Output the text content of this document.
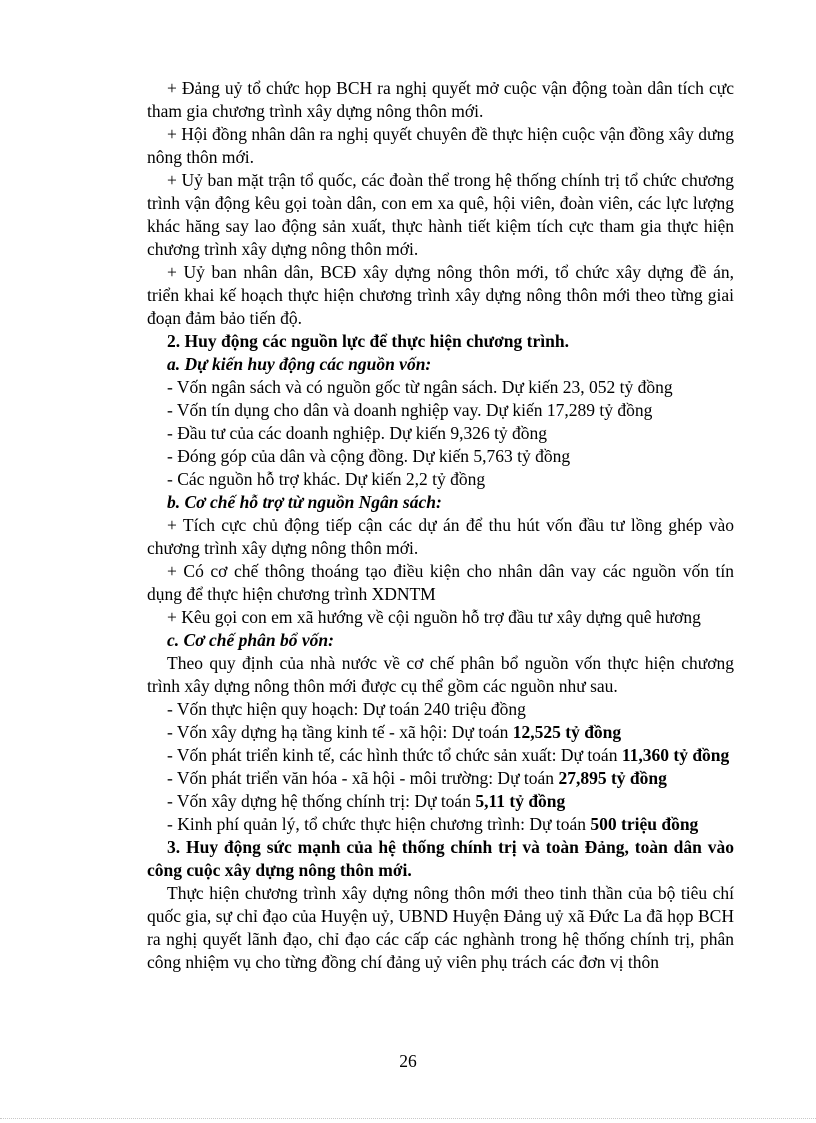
+ Đảng uỷ tổ chức họp BCH ra nghị quyết mở cuộc vận động toàn dân tích cực tham gia chương trình xây dựng nông thôn mới.

+ Hội đồng nhân dân ra nghị quyết chuyên đề thực hiện cuộc vận đồng xây dưng nông thôn mới.

+ Uỷ ban mặt trận tổ quốc, các đoàn thể trong hệ thống chính trị tổ chức chương trình vận động kêu gọi toàn dân, con em xa quê, hội viên, đoàn viên, các lực lượng khác hăng say lao động sản xuất, thực hành tiết kiệm tích cực tham gia thực hiện chương trình xây dựng nông thôn mới.

+ Uỷ ban nhân dân, BCĐ xây dựng nông thôn mới, tổ chức xây dựng đề án, triển khai kế hoạch thực hiện chương trình xây dựng nông thôn mới theo từng giai đoạn đảm bảo tiến độ.

2. Huy động các nguồn lực để thực hiện chương trình.

a. Dự kiến huy động các nguồn vốn:

- Vốn ngân sách và có nguồn gốc từ ngân sách. Dự kiến 23, 052 tỷ đồng

- Vốn tín dụng cho dân và doanh nghiệp vay. Dự kiến 17,289 tỷ đồng

- Đầu tư của các doanh nghiệp. Dự kiến 9,326 tỷ đồng

- Đóng góp của dân và cộng đồng. Dự kiến 5,763 tỷ đồng

- Các nguồn hỗ trợ khác. Dự kiến 2,2 tỷ đồng

b. Cơ chế hỗ trợ từ nguồn Ngân sách:

+ Tích cực chủ động tiếp cận các dự án để thu hút vốn đầu tư lồng ghép vào chương trình xây dựng nông thôn mới.

+ Có cơ chế thông thoáng tạo điều kiện cho nhân dân vay các nguồn vốn tín dụng để thực hiện chương trình XDNTM

+ Kêu gọi con em xã hướng về cội nguồn hỗ trợ đầu tư xây dựng quê hương

c. Cơ chế phân bổ vốn:

Theo quy định của nhà nước về cơ chế phân bổ nguồn vốn thực hiện chương trình xây dựng nông thôn mới được cụ thể gồm các nguồn như sau.

- Vốn thực hiện quy hoạch: Dự toán 240 triệu đồng

- Vốn xây dựng hạ tầng kinh tế - xã hội: Dự toán 12,525 tỷ đồng

- Vốn phát triển kinh tế, các hình thức tổ chức sản xuất: Dự toán 11,360 tỷ đồng

- Vốn phát triển văn hóa - xã hội - môi trường: Dự toán 27,895 tỷ đồng

- Vốn xây dựng hệ thống chính trị: Dự toán 5,11 tỷ đồng

- Kinh phí quản lý, tổ chức thực hiện chương trình: Dự toán 500 triệu đồng

3. Huy động sức mạnh của hệ thống chính trị và toàn Đảng, toàn dân vào công cuộc xây dựng nông thôn mới.

Thực hiện chương trình xây dựng nông thôn mới theo tinh thần của bộ tiêu chí quốc gia, sự chỉ đạo của Huyện uỷ, UBND Huyện Đảng uỷ xã Đức La đã họp BCH ra nghị quyết lãnh đạo, chỉ đạo các cấp các nghành trong hệ thống chính trị, phân công nhiệm vụ cho từng đồng chí đảng uỷ viên phụ trách các đơn vị thôn

26
